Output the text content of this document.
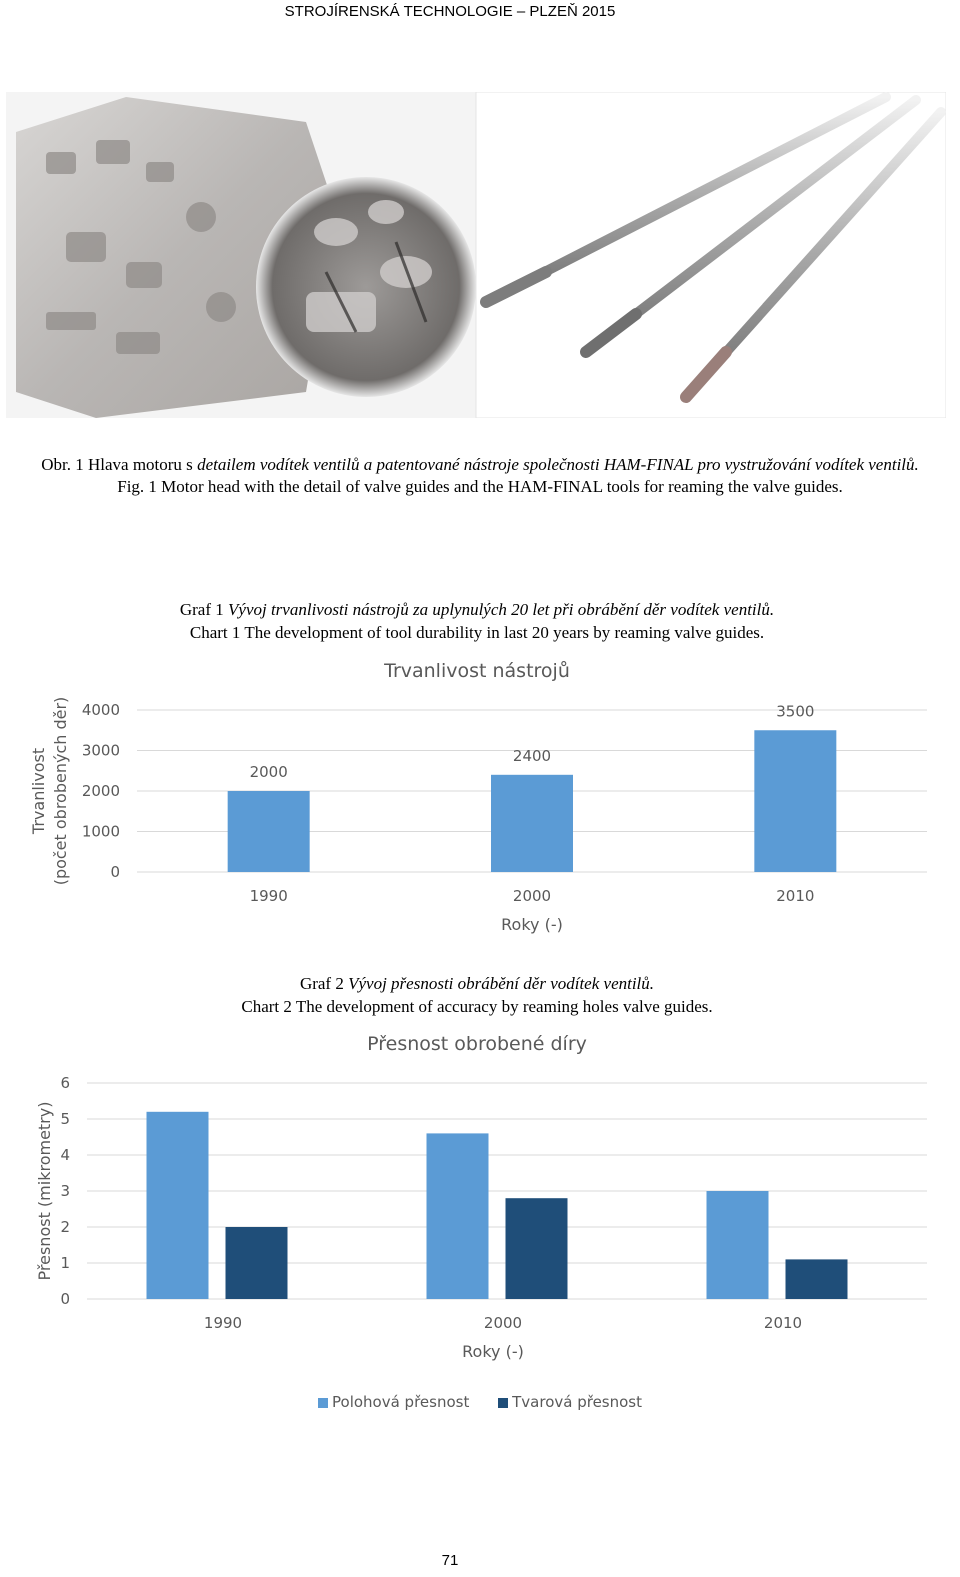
STROJÍRENSKÁ TECHNOLOGIE – PLZEŇ 2015
Obr. 1 Hlava motoru s detailem vodítek ventilů a patentované nástroje společnosti HAM-FINAL pro vystružování vodítek ventilů.
Fig. 1 Motor head with the detail of valve guides and the HAM-FINAL tools for reaming the valve guides.
Graf 1 Vývoj trvanlivosti nástrojů za uplynulých 20 let při obrábění děr vodítek ventilů.
Chart 1 The development of tool durability in last 20 years by reaming valve guides.
Trvanlivost nástrojů
0
1000
2000
3000
4000
2000
1990
2400
2000
3500
2010
Roky (-)
Trvanlivost (počet obrobených děr)
Graf 2 Vývoj přesnosti obrábění děr vodítek ventilů.
Chart 2 The development of accuracy by reaming holes valve guides.
Přesnost obrobené díry
0
1
2
3
4
5
6
1990	2000	2010
Roky (-)
Přesnost (mikrometry)
Polohová přesnost	Tvarová přesnost
71
